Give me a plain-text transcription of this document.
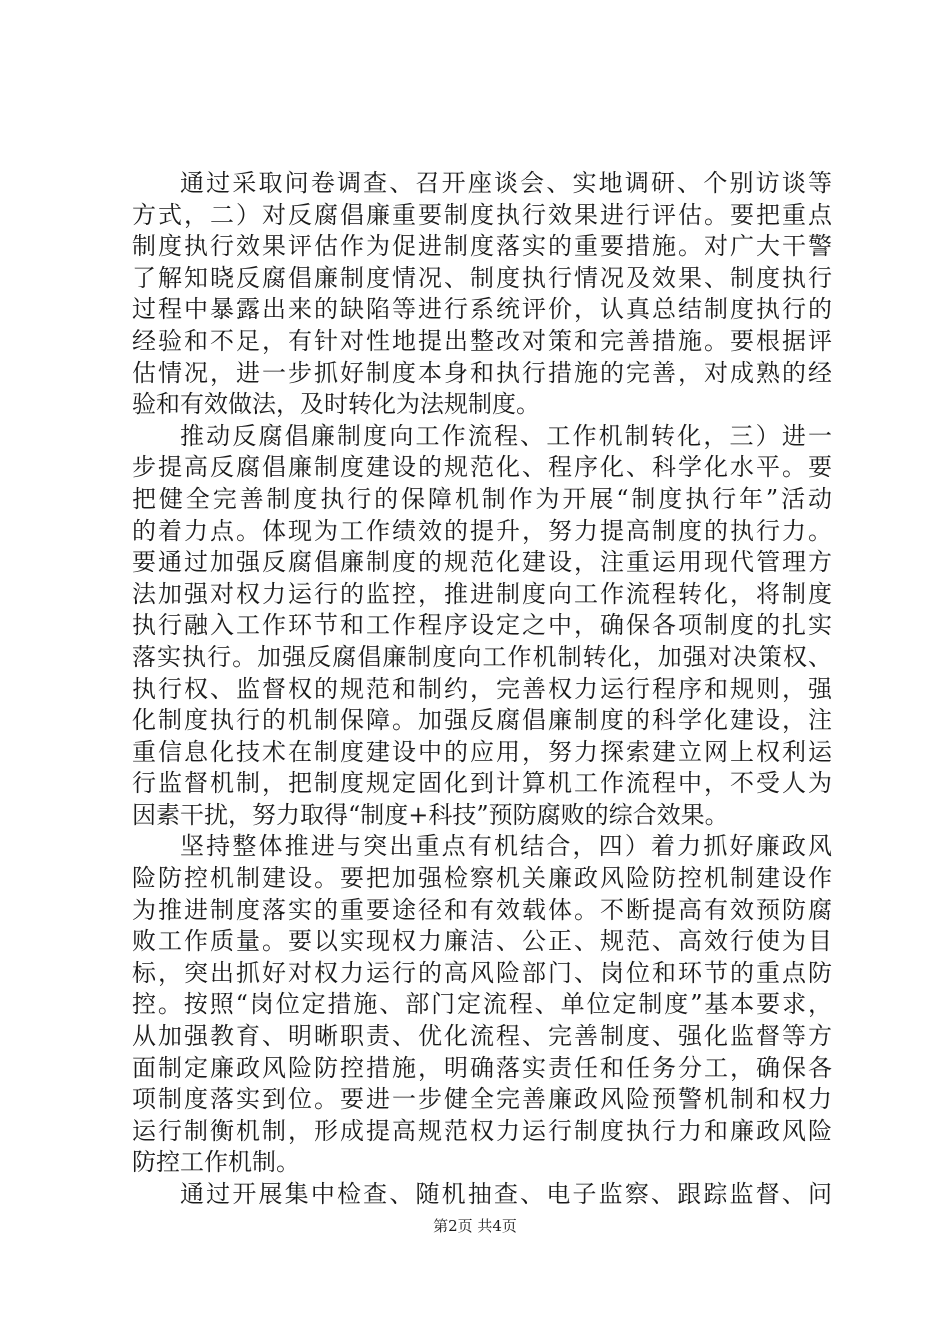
通过采取问卷调查、召开座谈会、实地调研、个别访谈等
方式，二）对反腐倡廉重要制度执行效果进行评估。要把重点
制度执行效果评估作为促进制度落实的重要措施。对广大干警
了解知晓反腐倡廉制度情况、制度执行情况及效果、制度执行
过程中暴露出来的缺陷等进行系统评价，认真总结制度执行的
经验和不足，有针对性地提出整改对策和完善措施。要根据评
估情况，进一步抓好制度本身和执行措施的完善，对成熟的经
验和有效做法，及时转化为法规制度。
推动反腐倡廉制度向工作流程、工作机制转化，三）进一
步提高反腐倡廉制度建设的规范化、程序化、科学化水平。要
把健全完善制度执行的保障机制作为开展“制度执行年”活动
的着力点。体现为工作绩效的提升，努力提高制度的执行力。
要通过加强反腐倡廉制度的规范化建设，注重运用现代管理方
法加强对权力运行的监控，推进制度向工作流程转化，将制度
执行融入工作环节和工作程序设定之中，确保各项制度的扎实
落实执行。加强反腐倡廉制度向工作机制转化，加强对决策权、
执行权、监督权的规范和制约，完善权力运行程序和规则，强
化制度执行的机制保障。加强反腐倡廉制度的科学化建设，注
重信息化技术在制度建设中的应用，努力探索建立网上权利运
行监督机制，把制度规定固化到计算机工作流程中，不受人为
因素干扰，努力取得“制度+科技”预防腐败的综合效果。
坚持整体推进与突出重点有机结合，四）着力抓好廉政风
险防控机制建设。要把加强检察机关廉政风险防控机制建设作
为推进制度落实的重要途径和有效载体。不断提高有效预防腐
败工作质量。要以实现权力廉洁、公正、规范、高效行使为目
标，突出抓好对权力运行的高风险部门、岗位和环节的重点防
控。按照“岗位定措施、部门定流程、单位定制度”基本要求，
从加强教育、明晰职责、优化流程、完善制度、强化监督等方
面制定廉政风险防控措施，明确落实责任和任务分工，确保各
项制度落实到位。要进一步健全完善廉政风险预警机制和权力
运行制衡机制，形成提高规范权力运行制度执行力和廉政风险
防控工作机制。
通过开展集中检查、随机抽查、电子监察、跟踪监督、问
第2页 共4页
